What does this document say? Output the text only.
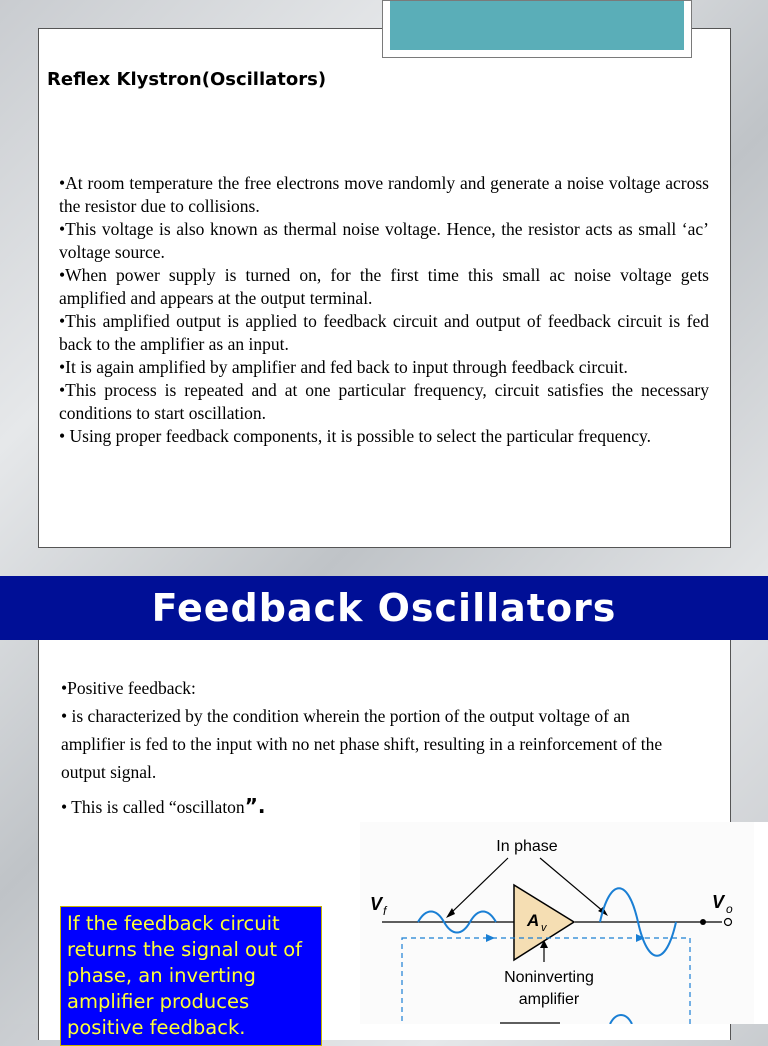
Reflex Klystron(Oscillators)

•At room temperature the free electrons move randomly and generate a noise voltage across the resistor due to collisions.

•This voltage is also known as thermal noise voltage. Hence, the resistor acts as small ‘ac’ voltage source.

•When power supply is turned on, for the first time this small ac noise voltage gets amplified and appears at the output terminal.

•This amplified output is applied to feedback circuit and output of feedback circuit is fed back to the amplifier as an input.

•It is again amplified by amplifier and fed back to input through feedback circuit.

•This process is repeated and at one particular frequency, circuit satisfies the necessary conditions to start oscillation.

• Using proper feedback components, it is possible to select the particular frequency.

Feedback Oscillators

•Positive feedback:

• is characterized by the condition wherein the portion of the output voltage of an amplifier is fed to the input with no net phase shift, resulting in a reinforcement of the output signal.

• This is called “oscillaton”.

If the feedback circuit returns the signal out of phase, an inverting amplifier produces positive feedback.
In phase
V f	V o
A v
Noninverting
amplifier
